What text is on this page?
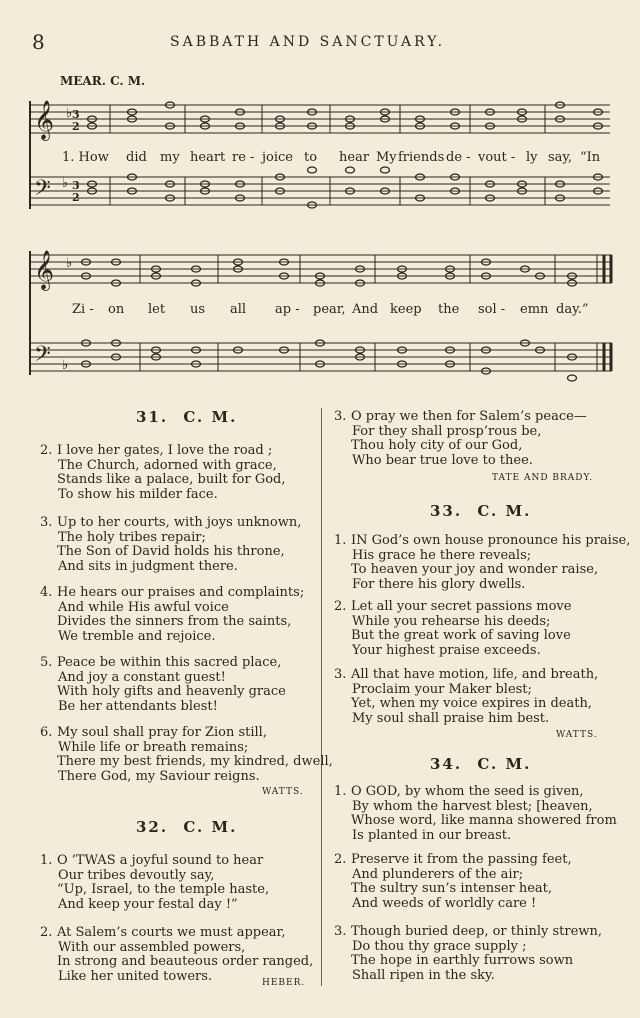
8	SABBATH AND SANCTUARY.
MEAR. C. M.
𝄞 ♭ 3
2
𝄢 ♭ 3
2
1. How did my heart re - joice to hear My friends de - vout - ly say, “In
𝄞 ♭
𝄢 ♭
Zi - on let us all ap - pear, And keep the sol - emn day.”
31. C. M.
2. I love her gates, I love the road ;
The Church, adorned with grace,
Stands like a palace, built for God,
To show his milder face.
3. Up to her courts, with joys unknown,
The holy tribes repair;
The Son of David holds his throne,
And sits in judgment there.
4. He hears our praises and complaints;
And while His awful voice
Divides the sinners from the saints,
We tremble and rejoice.
5. Peace be within this sacred place,
And joy a constant guest!
With holy gifts and heavenly grace
Be her attendants blest!
6. My soul shall pray for Zion still,
While life or breath remains;
There my best friends, my kindred, dwell,
There God, my Saviour reigns.
WATTS.
32. C. M.
1. O ’TWAS a joyful sound to hear
Our tribes devoutly say,
“Up, Israel, to the temple haste,
And keep your festal day !”
2. At Salem’s courts we must appear,
With our assembled powers,
In strong and beauteous order ranged,
Like her united towers.	HEBER.
3. O pray we then for Salem’s peace—
For they shall prosp’rous be,
Thou holy city of our God,
Who bear true love to thee.
TATE AND BRADY.
33. C. M.
1. IN God’s own house pronounce his praise,
His grace he there reveals;
To heaven your joy and wonder raise,
For there his glory dwells.
2. Let all your secret passions move
While you rehearse his deeds;
But the great work of saving love
Your highest praise exceeds.
3. All that have motion, life, and breath,
Proclaim your Maker blest;
Yet, when my voice expires in death,
My soul shall praise him best.
WATTS.
34. C. M.
1. O GOD, by whom the seed is given,
By whom the harvest blest; [heaven,
Whose word, like manna showered from
Is planted in our breast.
2. Preserve it from the passing feet,
And plunderers of the air;
The sultry sun’s intenser heat,
And weeds of worldly care !
3. Though buried deep, or thinly strewn,
Do thou thy grace supply ;
The hope in earthly furrows sown
Shall ripen in the sky.
